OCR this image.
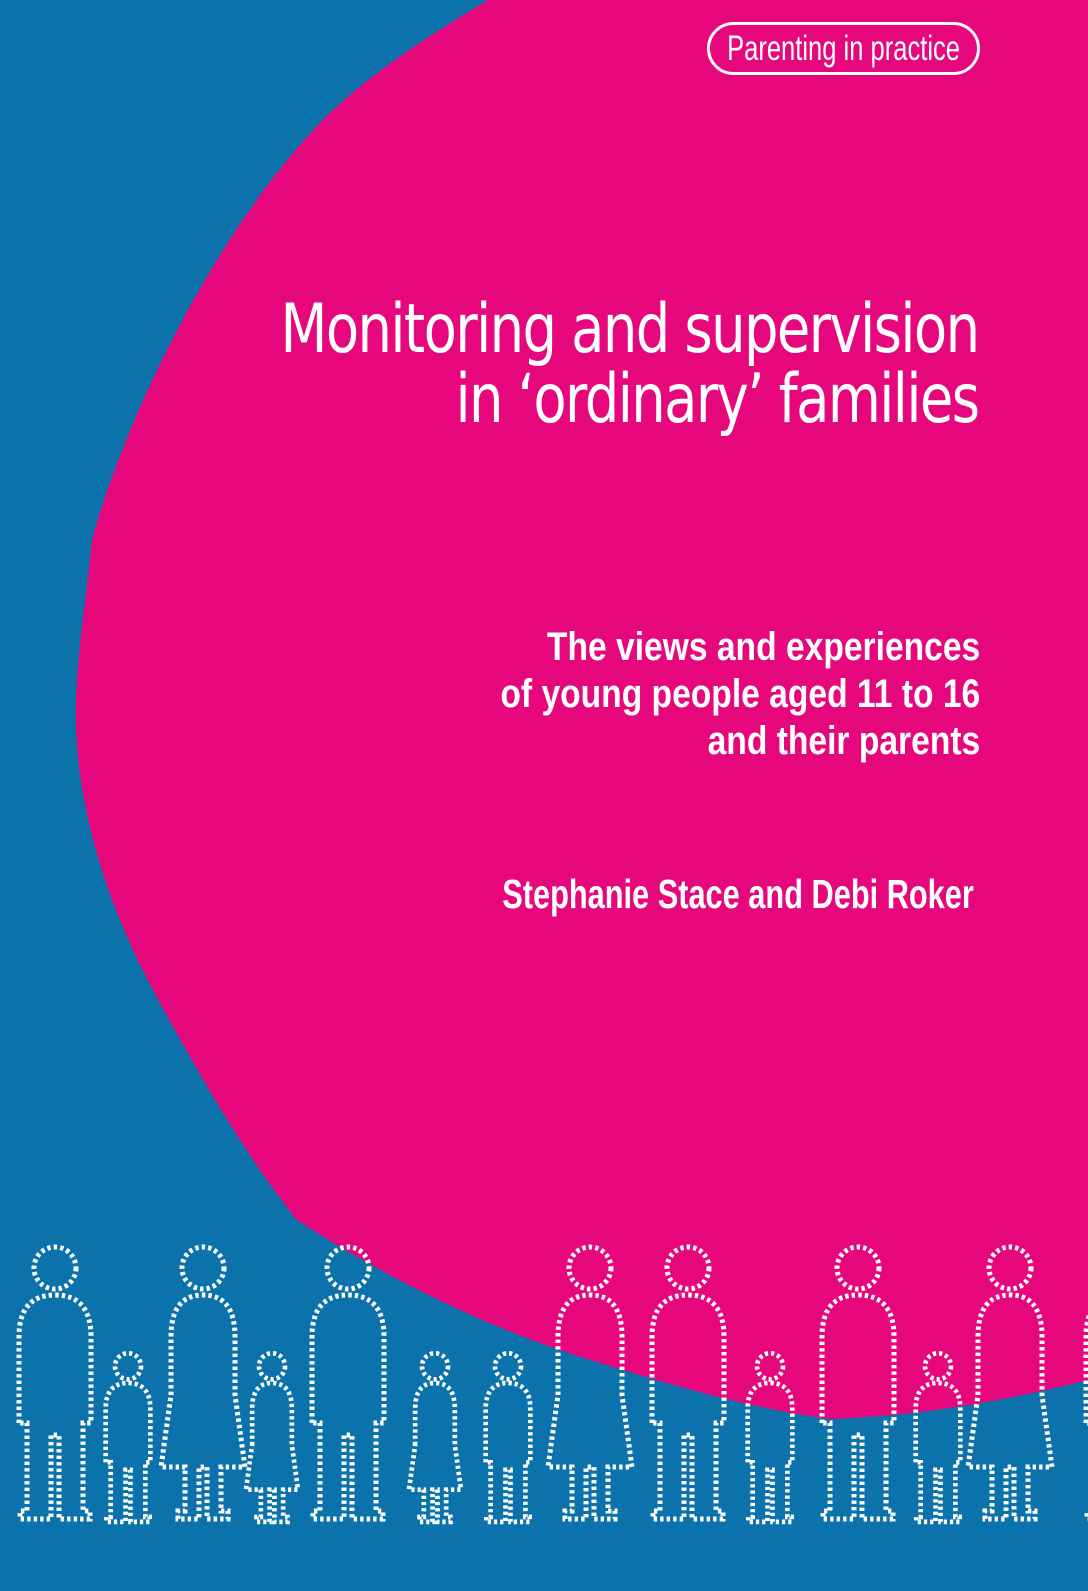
Parenting in practice
Monitoring and supervision
in ‘ordinary’ families
The views and experiences
of young people aged 11 to 16
and their parents
Stephanie Stace and Debi Roker
